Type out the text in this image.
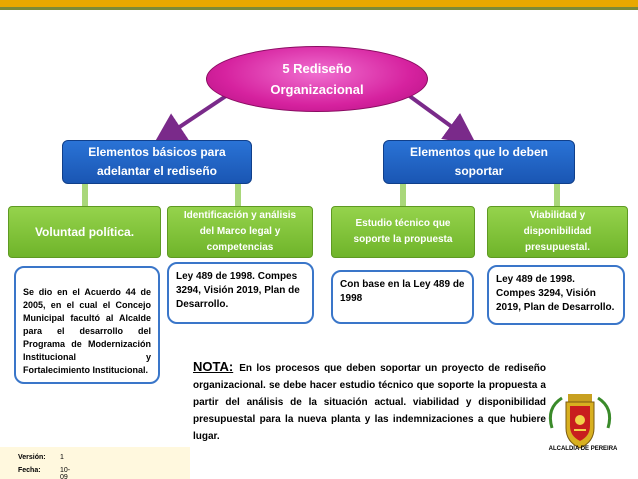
5 Rediseño
Organizacional
Elementos básicos para
adelantar el rediseño
Elementos que lo deben
soportar
Voluntad política.
Identificación y análisis
del Marco legal y
competencias
Estudio técnico que
soporte la propuesta
Viabilidad y
disponibilidad
presupuestal.
Se dio en el Acuerdo 44 de 2005, en el cual el Concejo Municipal facultó al Alcalde para el desarrollo del Programa de Modernización Institucional y Fortalecimiento Institucional.
Ley 489 de 1998. Compes 3294, Visión 2019, Plan de Desarrollo.
Con base en la Ley 489 de 1998
Ley 489 de 1998. Compes 3294, Visión 2019, Plan de Desarrollo.
NOTA: En los procesos que deben soportar un proyecto de rediseño organizacional. se debe hacer estudio técnico que soporte la propuesta a partir del análisis de la situación actual. viabilidad y disponibilidad presupuestal para la nueva planta y las indemnizaciones a que hubiere lugar.
Versión: 1
Fecha:	10-09
ALCALDIA DE PEREIRA
